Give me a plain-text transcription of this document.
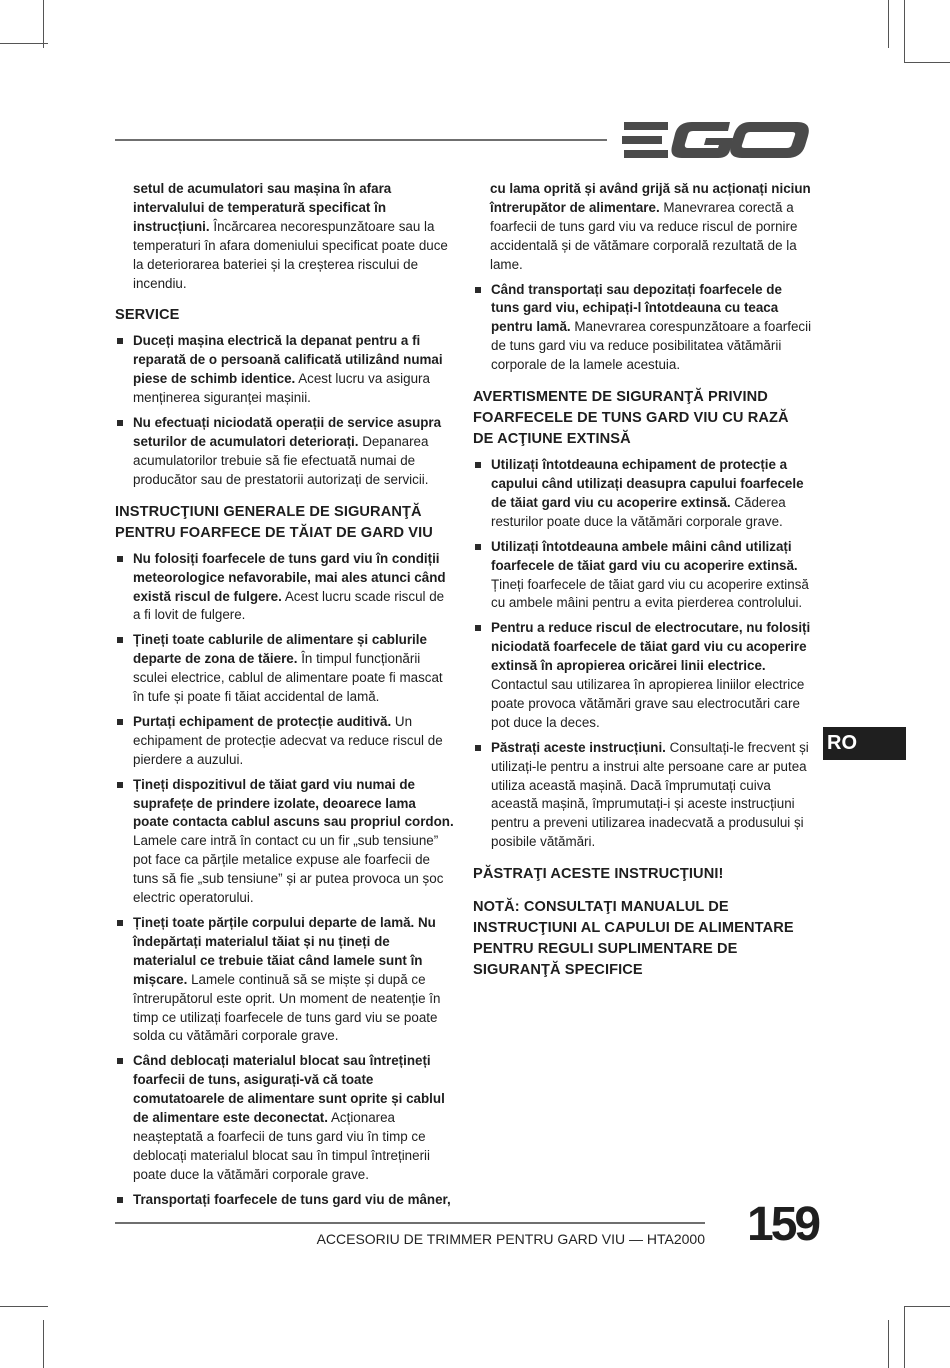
setul de acumulatori sau mașina în afara intervalului de temperatură specificat în instrucțiuni. Încărcarea necorespunzătoare sau la temperaturi în afara domeniului specificat poate duce la deteriorarea bateriei și la creșterea riscului de incendiu.
SERVICE
Duceți mașina electrică la depanat pentru a fi reparată de o persoană calificată utilizând numai piese de schimb identice. Acest lucru va asigura menținerea siguranței mașinii.
Nu efectuați niciodată operații de service asupra seturilor de acumulatori deteriorați. Depanarea acumulatorilor trebuie să fie efectuată numai de producător sau de prestatorii autorizați de servicii.
INSTRUCŢIUNI GENERALE DE SIGURANŢĂ PENTRU FOARFECE DE TĂIAT DE GARD VIU
Nu folosiți foarfecele de tuns gard viu în condiții meteorologice nefavorabile, mai ales atunci când există riscul de fulgere. Acest lucru scade riscul de a fi lovit de fulgere.
Țineți toate cablurile de alimentare și cablurile departe de zona de tăiere. În timpul funcționării sculei electrice, cablul de alimentare poate fi mascat în tufe și poate fi tăiat accidental de lamă.
Purtați echipament de protecție auditivă. Un echipament de protecție adecvat va reduce riscul de pierdere a auzului.
Țineți dispozitivul de tăiat gard viu numai de suprafețe de prindere izolate, deoarece lama poate contacta cablul ascuns sau propriul cordon. Lamele care intră în contact cu un fir „sub tensiune” pot face ca părțile metalice expuse ale foarfecii de tuns să fie „sub tensiune” și ar putea provoca un șoc electric operatorului.
Țineți toate părțile corpului departe de lamă. Nu îndepărtați materialul tăiat și nu țineți de materialul ce trebuie tăiat când lamele sunt în mișcare. Lamele continuă să se miște și după ce întrerupătorul este oprit. Un moment de neatenție în timp ce utilizați foarfecele de tuns gard viu se poate solda cu vătămări corporale grave.
Când deblocați materialul blocat sau întrețineți foarfecii de tuns, asigurați-vă că toate comutatoarele de alimentare sunt oprite și cablul de alimentare este deconectat. Acționarea neașteptată a foarfecii de tuns gard viu în timp ce deblocați materialul blocat sau în timpul întreținerii poate duce la vătămări corporale grave.
Transportați foarfecele de tuns gard viu de mâner,
cu lama oprită și având grijă să nu acționați niciun întrerupător de alimentare. Manevrarea corectă a foarfecii de tuns gard viu va reduce riscul de pornire accidentală și de vătămare corporală rezultată de la lame.
Când transportați sau depozitați foarfecele de tuns gard viu, echipați-l întotdeauna cu teaca pentru lamă. Manevrarea corespunzătoare a foarfecii de tuns gard viu va reduce posibilitatea vătămării corporale de la lamele acestuia.
AVERTISMENTE DE SIGURANŢĂ PRIVIND FOARFECELE DE TUNS GARD VIU CU RAZĂ DE ACŢIUNE EXTINSĂ
Utilizați întotdeauna echipament de protecție a capului când utilizați deasupra capului foarfecele de tăiat gard viu cu acoperire extinsă. Căderea resturilor poate duce la vătămări corporale grave.
Utilizați întotdeauna ambele mâini când utilizați foarfecele de tăiat gard viu cu acoperire extinsă. Țineți foarfecele de tăiat gard viu cu acoperire extinsă cu ambele mâini pentru a evita pierderea controlului.
Pentru a reduce riscul de electrocutare, nu folosiți niciodată foarfecele de tăiat gard viu cu acoperire extinsă în apropierea oricărei linii electrice. Contactul sau utilizarea în apropierea liniilor electrice poate provoca vătămări grave sau electrocutări care pot duce la deces.
Păstrați aceste instrucțiuni. Consultați-le frecvent și utilizați-le pentru a instrui alte persoane care ar putea utiliza această mașină. Dacă împrumutați cuiva această mașină, împrumutați-i și aceste instrucțiuni pentru a preveni utilizarea inadecvată a produsului și posibile vătămări.
PĂSTRAŢI ACESTE INSTRUCŢIUNI!
NOTĂ: CONSULTAŢI MANUALUL DE INSTRUCŢIUNI AL CAPULUI DE ALIMENTARE PENTRU REGULI SUPLIMENTARE DE SIGURANŢĂ SPECIFICE
RO
ACCESORIU DE TRIMMER PENTRU GARD VIU — HTA2000 159
